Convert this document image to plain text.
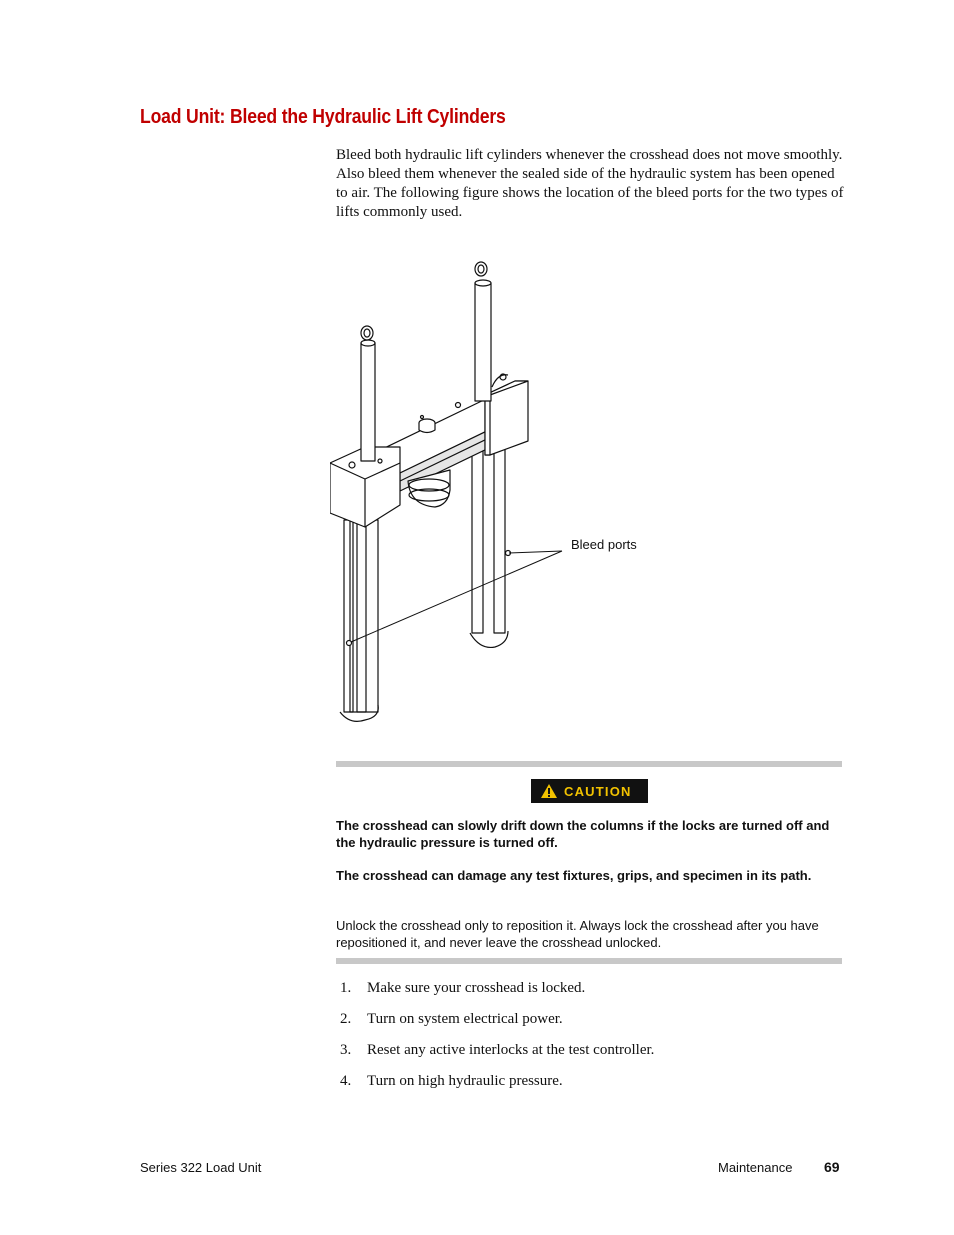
Load Unit: Bleed the Hydraulic Lift Cylinders

Bleed both hydraulic lift cylinders whenever the crosshead does not move smoothly. Also bleed them whenever the sealed side of the hydraulic system has been opened to air. The following figure shows the location of the bleed ports for the two types of lifts commonly used.

Bleed ports
CAUTION

The crosshead can slowly drift down the columns if the locks are turned off and the hydraulic pressure is turned off.

The crosshead can damage any test fixtures, grips, and specimen in its path.

Unlock the crosshead only to reposition it. Always lock the crosshead after you have repositioned it, and never leave the crosshead unlocked.

1.	Make sure your crosshead is locked.
2.	Turn on system electrical power.
3.	Reset any active interlocks at the test controller.
4.	Turn on high hydraulic pressure.
Series 322 Load Unit	Maintenance 69
